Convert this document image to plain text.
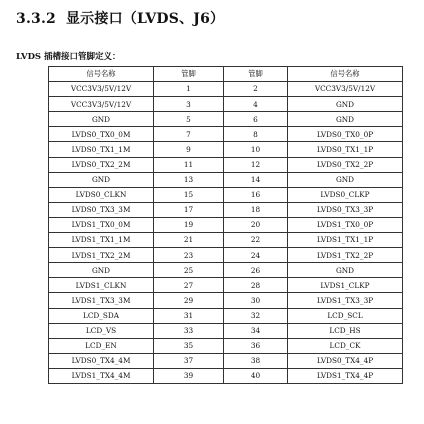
3.3.2 显示接口（LVDS、J6）
LVDS 插槽接口管脚定义：
信号名称	管脚	管脚	信号名称
VCC3V3/5V/12V	1	2	VCC3V3/5V/12V
VCC3V3/5V/12V	3	4	GND
GND	5	6	GND
LVDS0_TX0_0M	7	8	LVDS0_TX0_0P
LVDS0_TX1_1M	9	10	LVDS0_TX1_1P
LVDS0_TX2_2M	11	12	LVDS0_TX2_2P
GND	13	14	GND
LVDS0_CLKN	15	16	LVDS0_CLKP
LVDS0_TX3_3M	17	18	LVDS0_TX3_3P
LVDS1_TX0_0M	19	20	LVDS1_TX0_0P
LVDS1_TX1_1M	21	22	LVDS1_TX1_1P
LVDS1_TX2_2M	23	24	LVDS1_TX2_2P
GND	25	26	GND
LVDS1_CLKN	27	28	LVDS1_CLKP
LVDS1_TX3_3M	29	30	LVDS1_TX3_3P
LCD_SDA	31	32	LCD_SCL
LCD_VS	33	34	LCD_HS
LCD_EN	35	36	LCD_CK
LVDS0_TX4_4M	37	38	LVDS0_TX4_4P
LVDS1_TX4_4M	39	40	LVDS1_TX4_4P
